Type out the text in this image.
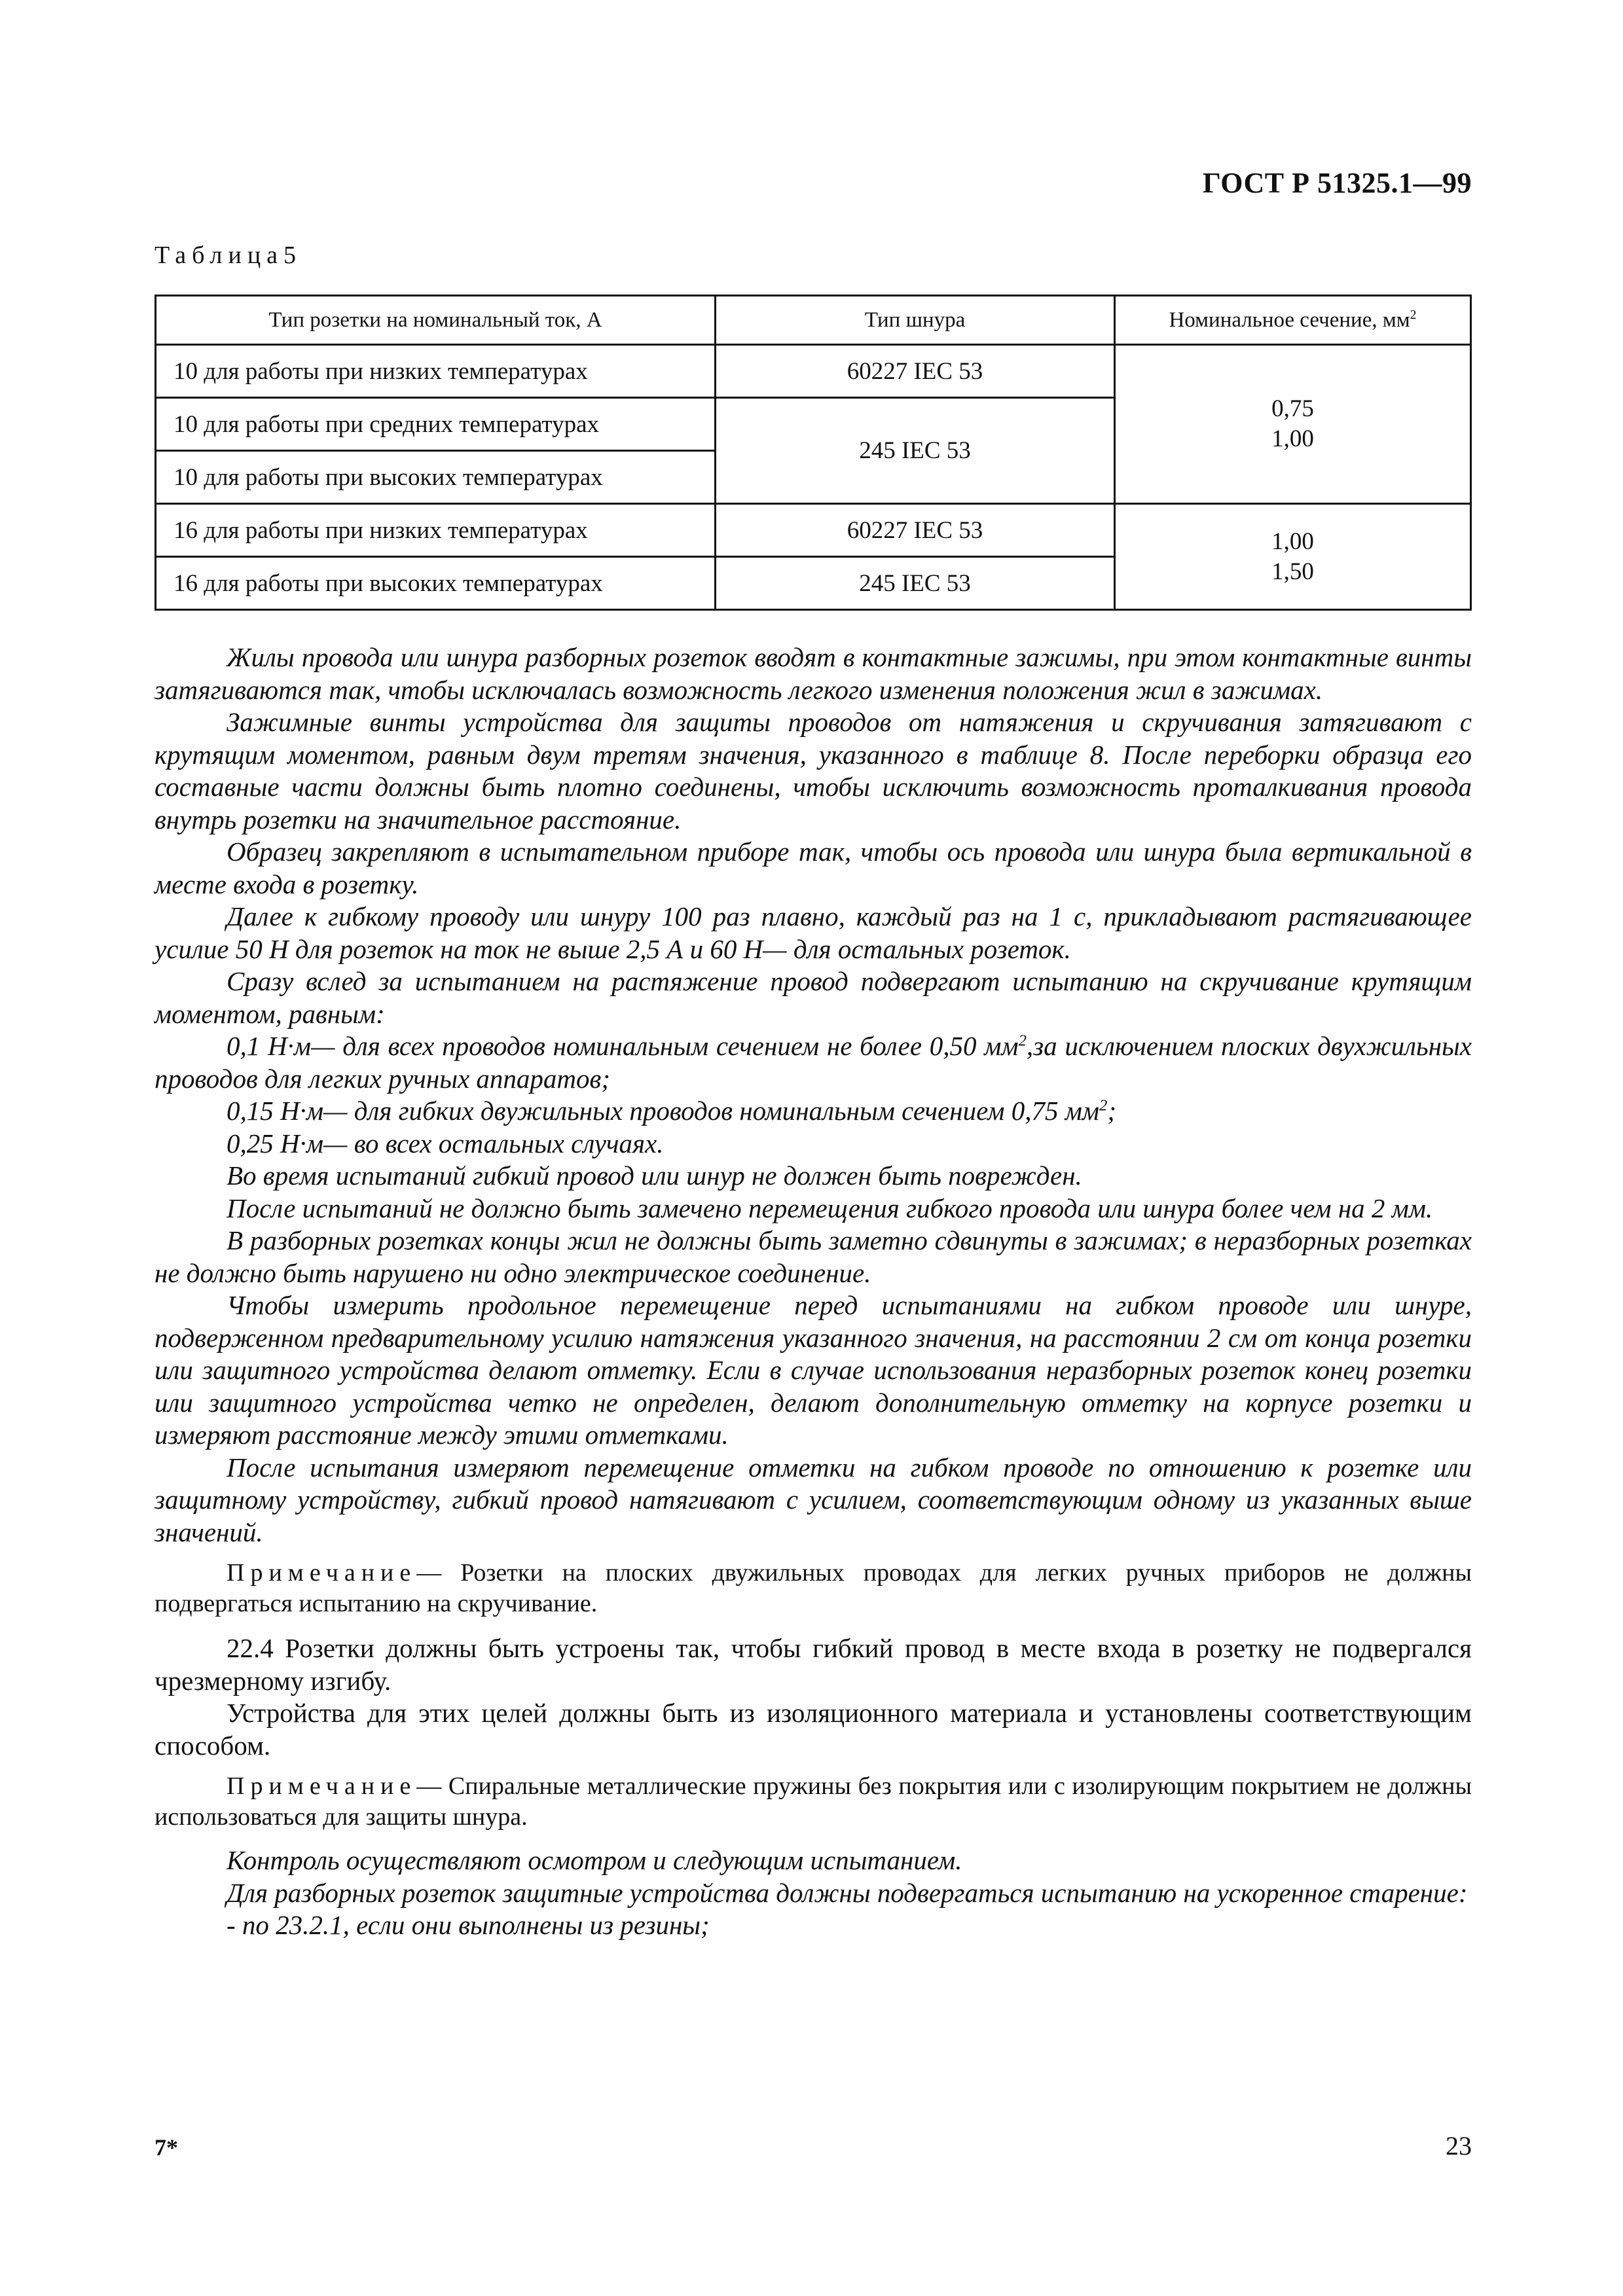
ГОСТ Р 51325.1—99
Таблица5
Тип розетки на номинальный ток, А	Тип шнура	Номинальное сечение, $мм^2$
10 для работы при низких температурах	60227 IEC 53	0,75
1,00

10 для работы при средних температурах	245 IEC 53	
10 для работы при высоких температурах		
16 для работы при низких температурах	60227 IEC 53	1,00
1,50

16 для работы при высоких температурах	245 IEC 53	

Жилы провода или шнура разборных розеток вводят в контактные зажимы, при этом контактные винты затягиваются так, чтобы исключалась возможность легкого изменения положения жил в зажимах.

Зажимные винты устройства для защиты проводов от натяжения и скручивания затягивают с крутящим моментом, равным двум третям значения, указанного в таблице 8. После переборки образца его составные части должны быть плотно соединены, чтобы исключить возможность проталкивания провода внутрь розетки на значительное расстояние.

Образец закрепляют в испытательном приборе так, чтобы ось провода или шнура была вертикальной в месте входа в розетку.

Далее к гибкому проводу или шнуру 100 раз плавно, каждый раз на 1 с, прикладывают растягивающее усилие 50 Н для розеток на ток не выше 2,5 А и 60 Н— для остальных розеток.

Сразу вслед за испытанием на растяжение провод подвергают испытанию на скручивание крутящим моментом, равным:

0,1 Н·м— для всех проводов номинальным сечением не более 0,50 $мм^2,за$ исключением плоских двухжильных проводов для легких ручных аппаратов;

0,15 Н·м— для гибких двужильных проводов номинальным сечением 0,75 $мм^2$;

0,25 Н·м— во всех остальных случаях.

Во время испытаний гибкий провод или шнур не должен быть поврежден.

После испытаний не должно быть замечено перемещения гибкого провода или шнура более чем на 2 мм.

В разборных розетках концы жил не должны быть заметно сдвинуты в зажимах; в неразборных розетках не должно быть нарушено ни одно электрическое соединение.

Чтобы измерить продольное перемещение перед испытаниями на гибком проводе или шнуре, подверженном предварительному усилию натяжения указанного значения, на расстоянии 2 см от конца розетки или защитного устройства делают отметку. Если в случае использования неразборных розеток конец розетки или защитного устройства четко не определен, делают дополнительную отметку на корпусе розетки и измеряют расстояние между этими отметками.

После испытания измеряют перемещение отметки на гибком проводе по отношению к розетке или защитному устройству, гибкий провод натягивают с усилием, соответствующим одному из указанных выше значений.

Примечание— Розетки на плоских двужильных проводах для легких ручных приборов не должны подвергаться испытанию на скручивание.

22.4 Розетки должны быть устроены так, чтобы гибкий провод в месте входа в розетку не подвергался чрезмерному изгибу.

Устройства для этих целей должны быть из изоляционного материала и установлены соответствующим способом.

Примечание— Спиральные металлические пружины без покрытия или с изолирующим покрытием не должны использоваться для защиты шнура.

Контроль осуществляют осмотром и следующим испытанием.

Для разборных розеток защитные устройства должны подвергаться испытанию на ускоренное старение:

- по 23.2.1, если они выполнены из резины;

7*	23
